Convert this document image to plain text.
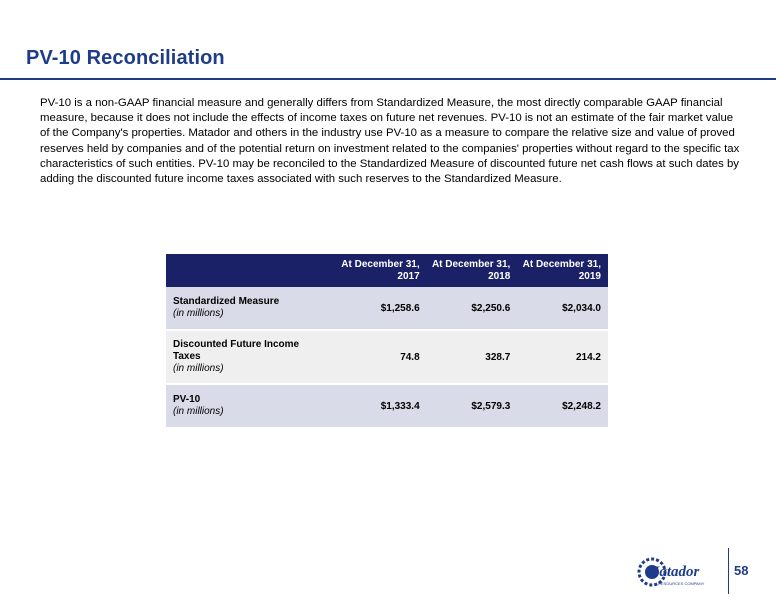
PV-10 Reconciliation
PV-10 is a non-GAAP financial measure and generally differs from Standardized Measure, the most directly comparable GAAP financial measure, because it does not include the effects of income taxes on future net revenues. PV-10 is not an estimate of the fair market value of the Company's properties. Matador and others in the industry use PV-10 as a measure to compare the relative size and value of proved reserves held by companies and of the potential return on investment related to the companies' properties without regard to the specific tax characteristics of such entities. PV-10 may be reconciled to the Standardized Measure of discounted future net cash flows at such dates by adding the discounted future income taxes associated with such reserves to the Standardized Measure.
	At December 31, 2017	At December 31, 2018	At December 31, 2019

Standardized Measure
(in millions)	$1,258.6	$2,250.6	$2,034.0

Discounted Future Income Taxes
(in millions)	74.8	328.7	214.2

PV-10
(in millions)	$1,333.4	$2,579.3	$2,248.2
Matador
RESOURCES COMPANY
58
